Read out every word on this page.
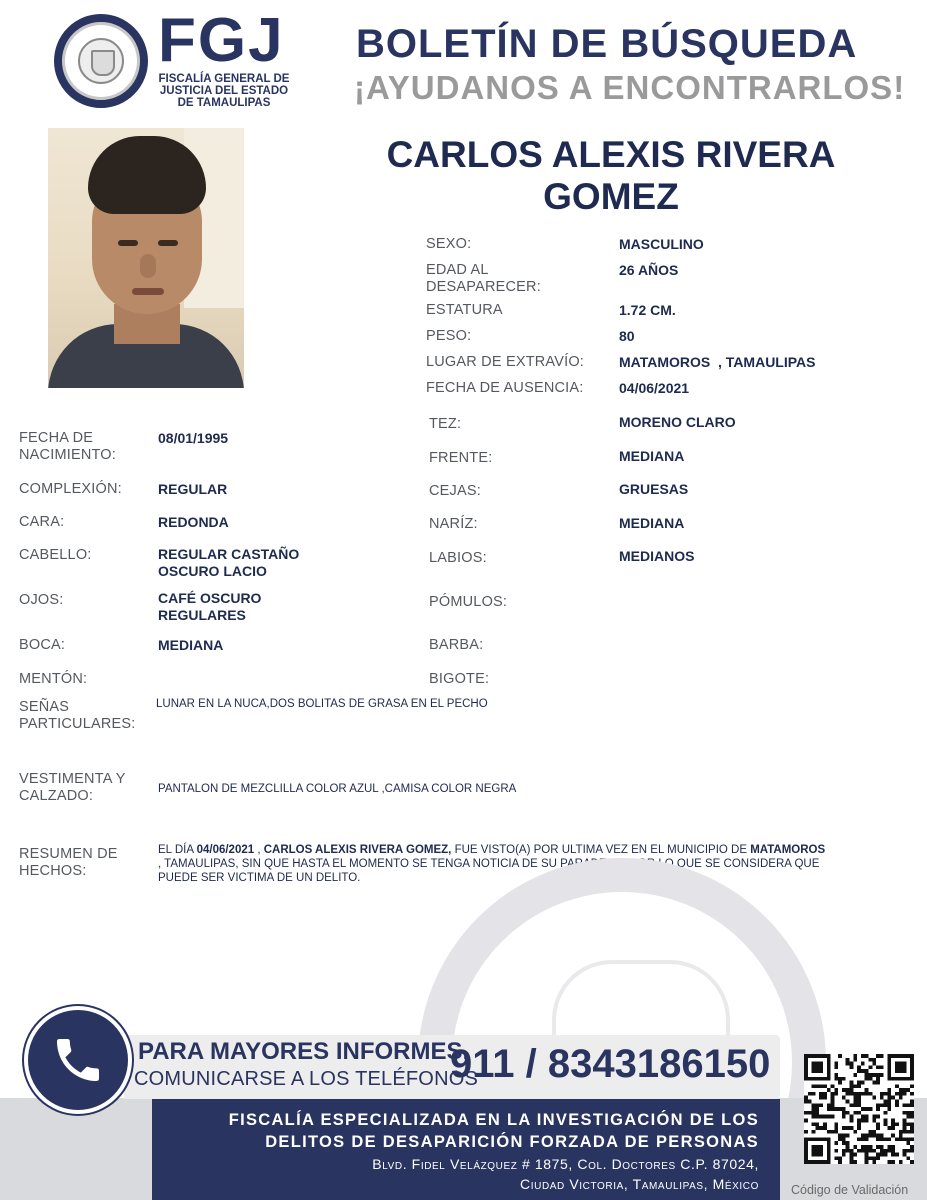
FGJ
FISCALÍA GENERAL DE
JUSTICIA DEL ESTADO
DE TAMAULIPAS
BOLETÍN DE BÚSQUEDA
¡AYUDANOS A ENCONTRARLOS!
CARLOS ALEXIS RIVERA
GOMEZ
SEXO:	MASCULINO
EDAD AL
DESAPARECER:
26 AÑOS
ESTATURA	1.72 CM.
PESO:	80
LUGAR DE EXTRAVÍO: MATAMOROS  , TAMAULIPAS
FECHA DE AUSENCIA:	04/06/2021
FECHA DE
NACIMIENTO:
08/01/1995
COMPLEXIÓN:	REGULAR
CARA:	REDONDA
CABELLO:	REGULAR CASTAÑO
OSCURO LACIO
OJOS:	CAFÉ OSCURO
REGULARES
BOCA:	MEDIANA
MENTÓN:
TEZ:	MORENO CLARO
FRENTE:	MEDIANA
CEJAS:	GRUESAS
NARÍZ:	MEDIANA
LABIOS:	MEDIANOS
PÓMULOS:
BARBA:
BIGOTE:
SEÑAS
PARTICULARES:
LUNAR EN LA NUCA,DOS BOLITAS DE GRASA EN EL PECHO
VESTIMENTA Y
CALZADO:	PANTALON DE MEZCLILLA COLOR AZUL ,CAMISA COLOR NEGRA
RESUMEN DE
HECHOS:
EL DÍA 04/06/2021 , CARLOS ALEXIS RIVERA GOMEZ, FUE VISTO(A) POR ULTIMA VEZ EN EL MUNICIPIO DE MATAMOROS
, TAMAULIPAS, SIN QUE HASTA EL MOMENTO SE TENGA NOTICIA DE SU PARADERO, POR LO QUE SE CONSIDERA QUE
PUEDE SER VICTIMA DE UN DELITO.
PARA MAYORES INFORMES,
COMUNICARSE A LOS TELÉFONOS
911 / 8343186150
FISCALÍA ESPECIALIZADA EN LA INVESTIGACIÓN DE LOS
DELITOS DE DESAPARICIÓN FORZADA DE PERSONAS
Blvd. Fidel Velázquez # 1875, Col. Doctores C.P. 87024,
Ciudad Victoria, Tamaulipas, México	Código de Validación
